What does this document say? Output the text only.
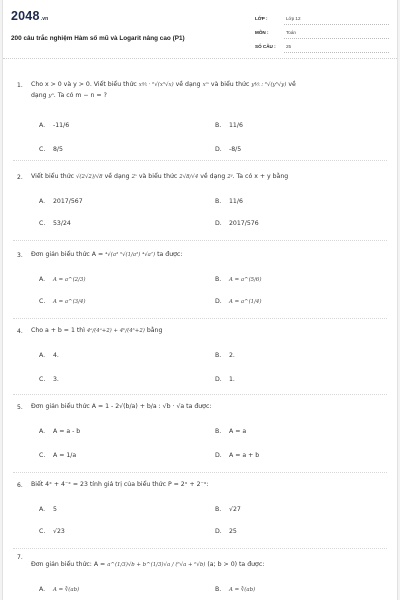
2048.vn
200 câu trắc nghiệm Hàm số mũ và Logarit nâng cao (P1)
LỚP :	Lớp 12
MÔN :	Toán
SỐ CÂU : 25
1. Cho x > 0 và y > 0. Viết biểu thức x⅘ · ⁶√(x⁵√x) về dạng xᵐ và biểu thức y⅘ : ⁶√(y⁵√y) về
dạng yⁿ. Ta có m − n = ?
A. -11/6	B. 11/6
C. 8/5	D. -8/5
2. Viết biểu thức √(2√2)/√8 về dạng 2ˣ và biểu thức 2√8/√4 về dạng 2ʸ. Ta có x + y bằng
A. 2017/567	B. 11/6
C. 53/24	D. 2017/576
3. Đơn giản biểu thức A = ⁴√(a³ ⁵√(1/a²) ⁴√a⁷) ta được:
A. A = a^(2/3)	B. A = a^(5/6)
C. A = a^(3/4)	D. A = a^(1/4)
4. Cho a + b = 1 thì 4ᵃ/(4ᵃ+2) + 4ᵇ/(4ᵇ+2) bằng
A. 4.	B. 2.
C. 3.	D. 1.
5. Đơn giản biểu thức A = 1 - 2√(b/a) + b/a : √b · √a ta được:
A. A = a - b	B. A = a
C. A = 1/a	D. A = a + b
6. Biết 4ˣ + 4⁻ˣ = 23 tính giá trị của biểu thức P = 2ˣ + 2⁻ˣ:
A. 5	B. √27
C. √23	D. 25
7.
Đơn giản biểu thức: A = a^(1/3)√b + b^(1/3)√a / (⁶√a + ⁶√b) (a; b > 0) ta được:
A. A = ∛(ab)	B. A = ∛(ab)
